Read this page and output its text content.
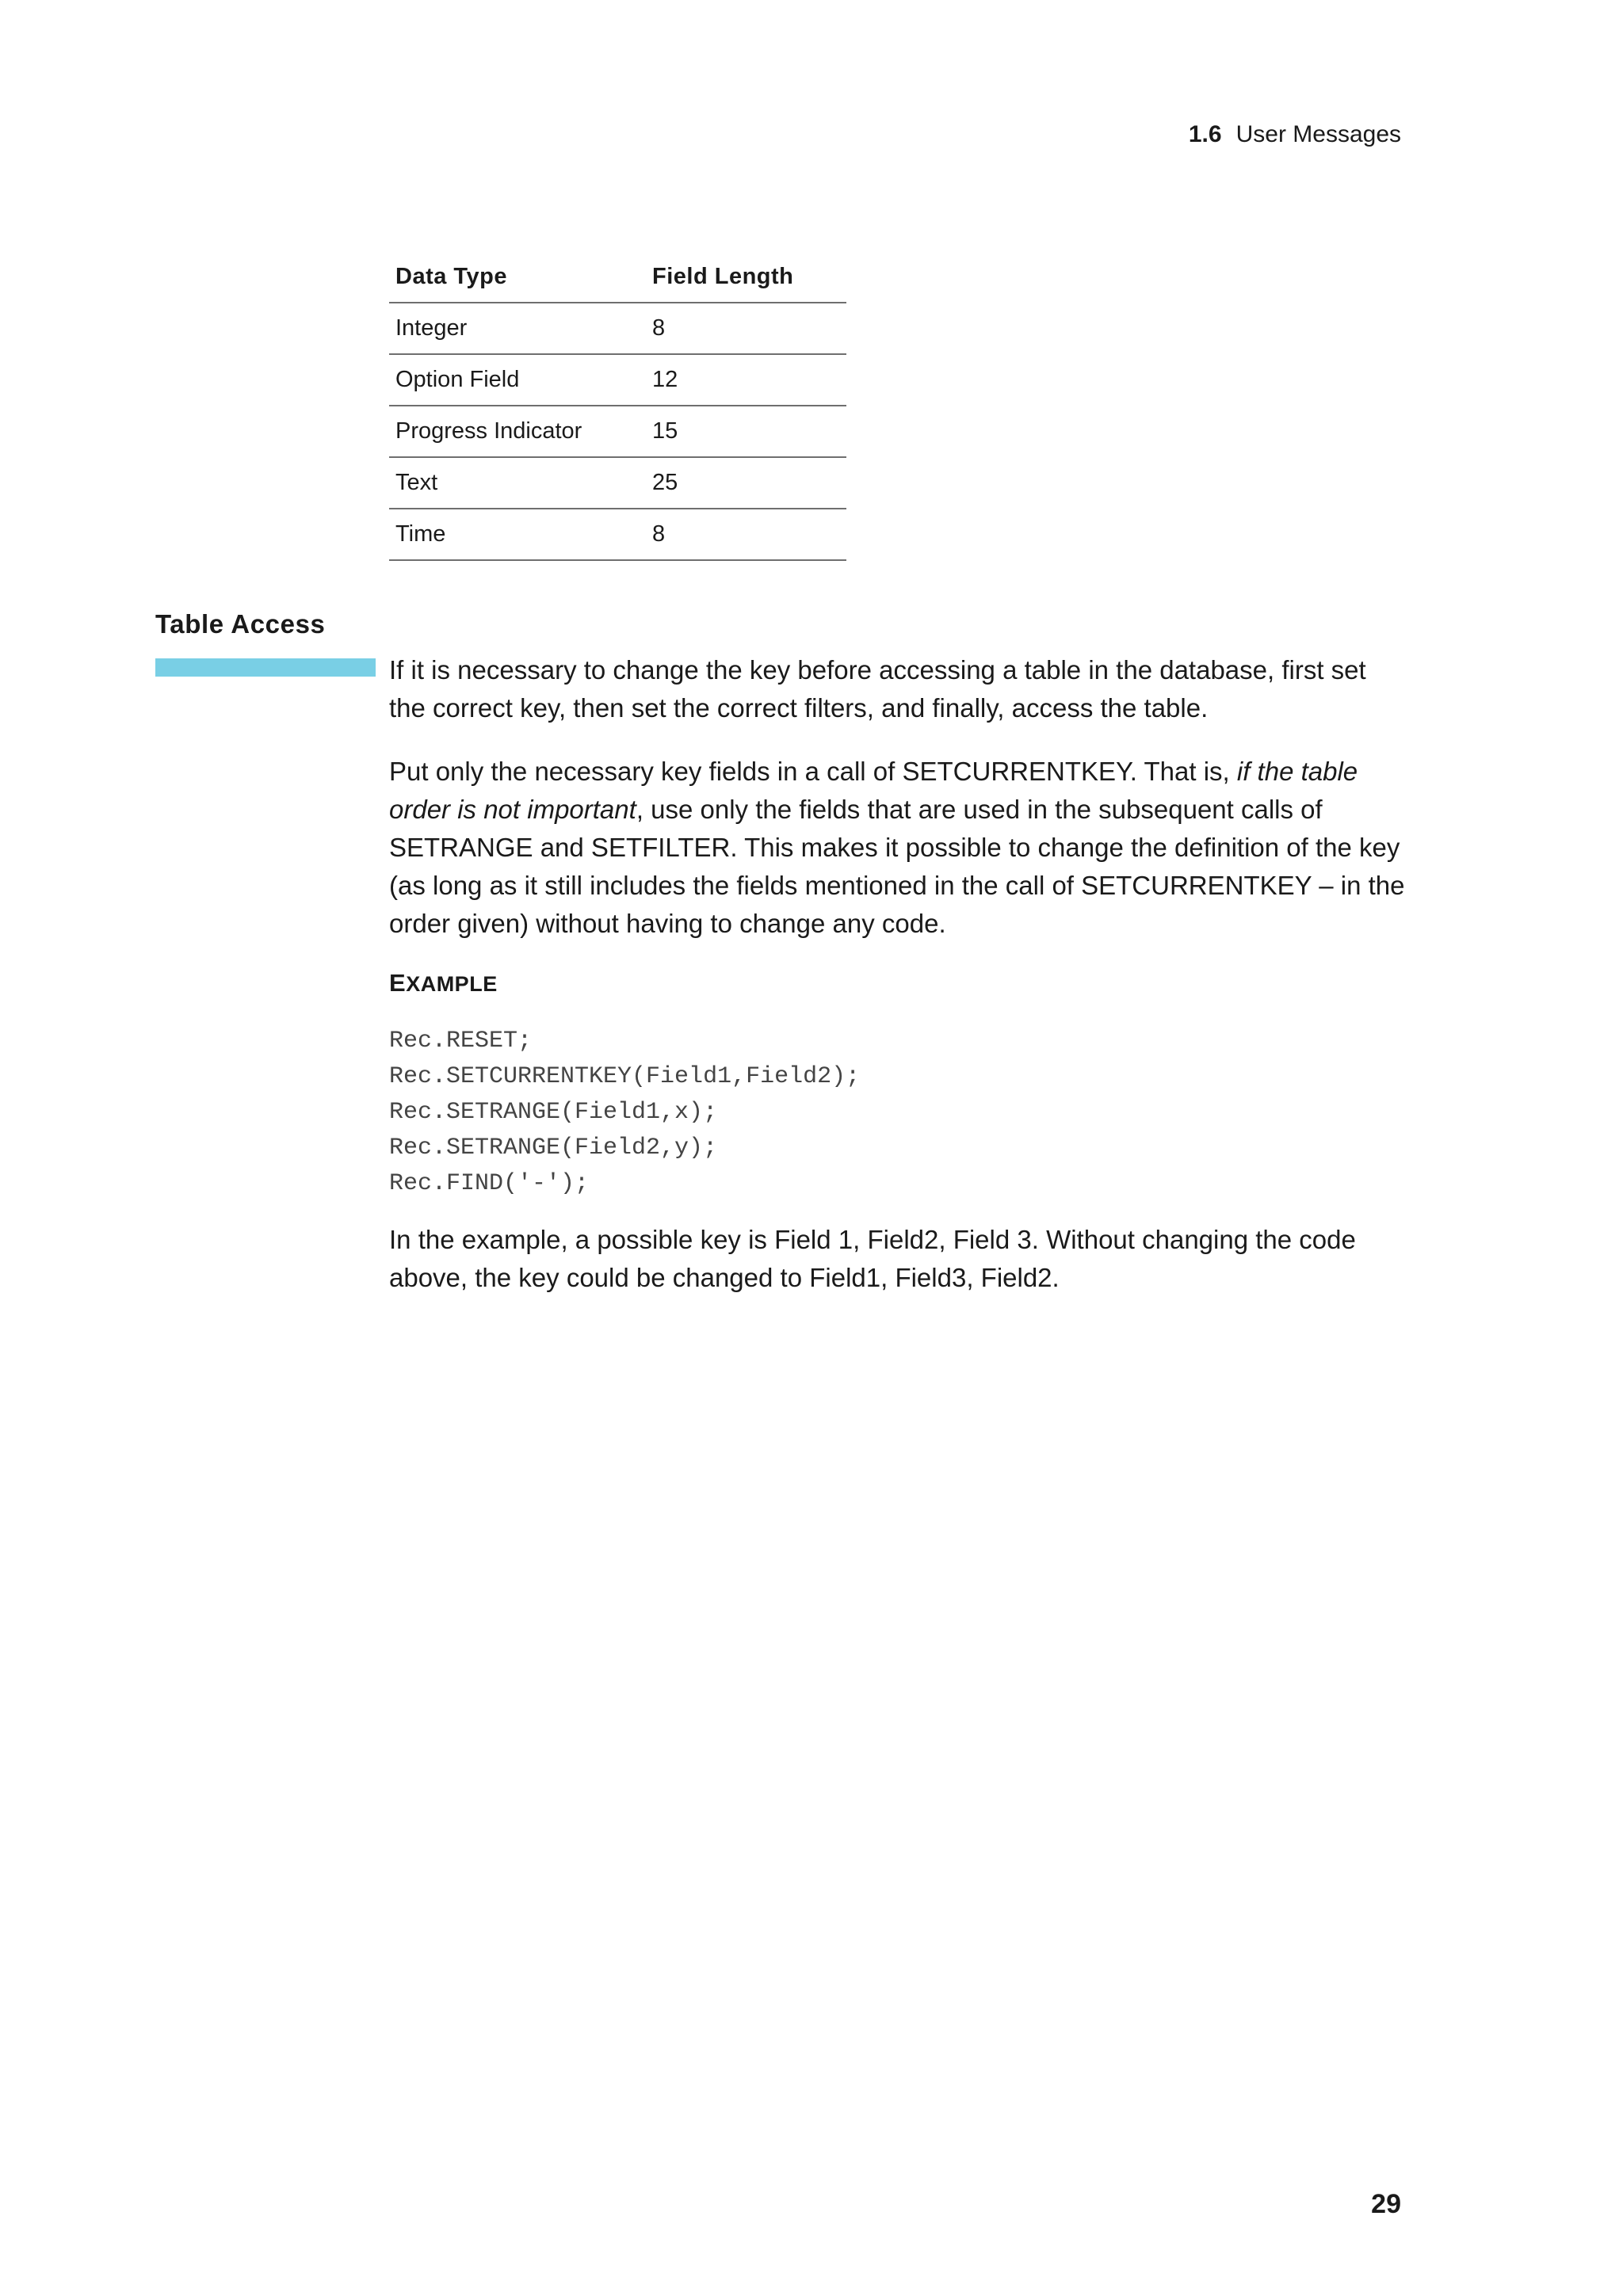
1.6 User Messages
Data Type	Field Length
Integer	8
Option Field	12
Progress Indicator	15
Text	25
Time	8
Table Access

If it is necessary to change the key before accessing a table in the database, first set the correct key, then set the correct filters, and finally, access the table.

Put only the necessary key fields in a call of SETCURRENTKEY. That is, if the table order is not important, use only the fields that are used in the subsequent calls of SETRANGE and SETFILTER. This makes it possible to change the definition of the key (as long as it still includes the fields mentioned in the call of SETCURRENTKEY – in the order given) without having to change any code.

EXAMPLE
Rec.RESET;
Rec.SETCURRENTKEY(Field1,Field2);
Rec.SETRANGE(Field1,x);
Rec.SETRANGE(Field2,y);
Rec.FIND('-');

In the example, a possible key is Field 1, Field2, Field 3. Without changing the code above, the key could be changed to Field1, Field3, Field2.

29
